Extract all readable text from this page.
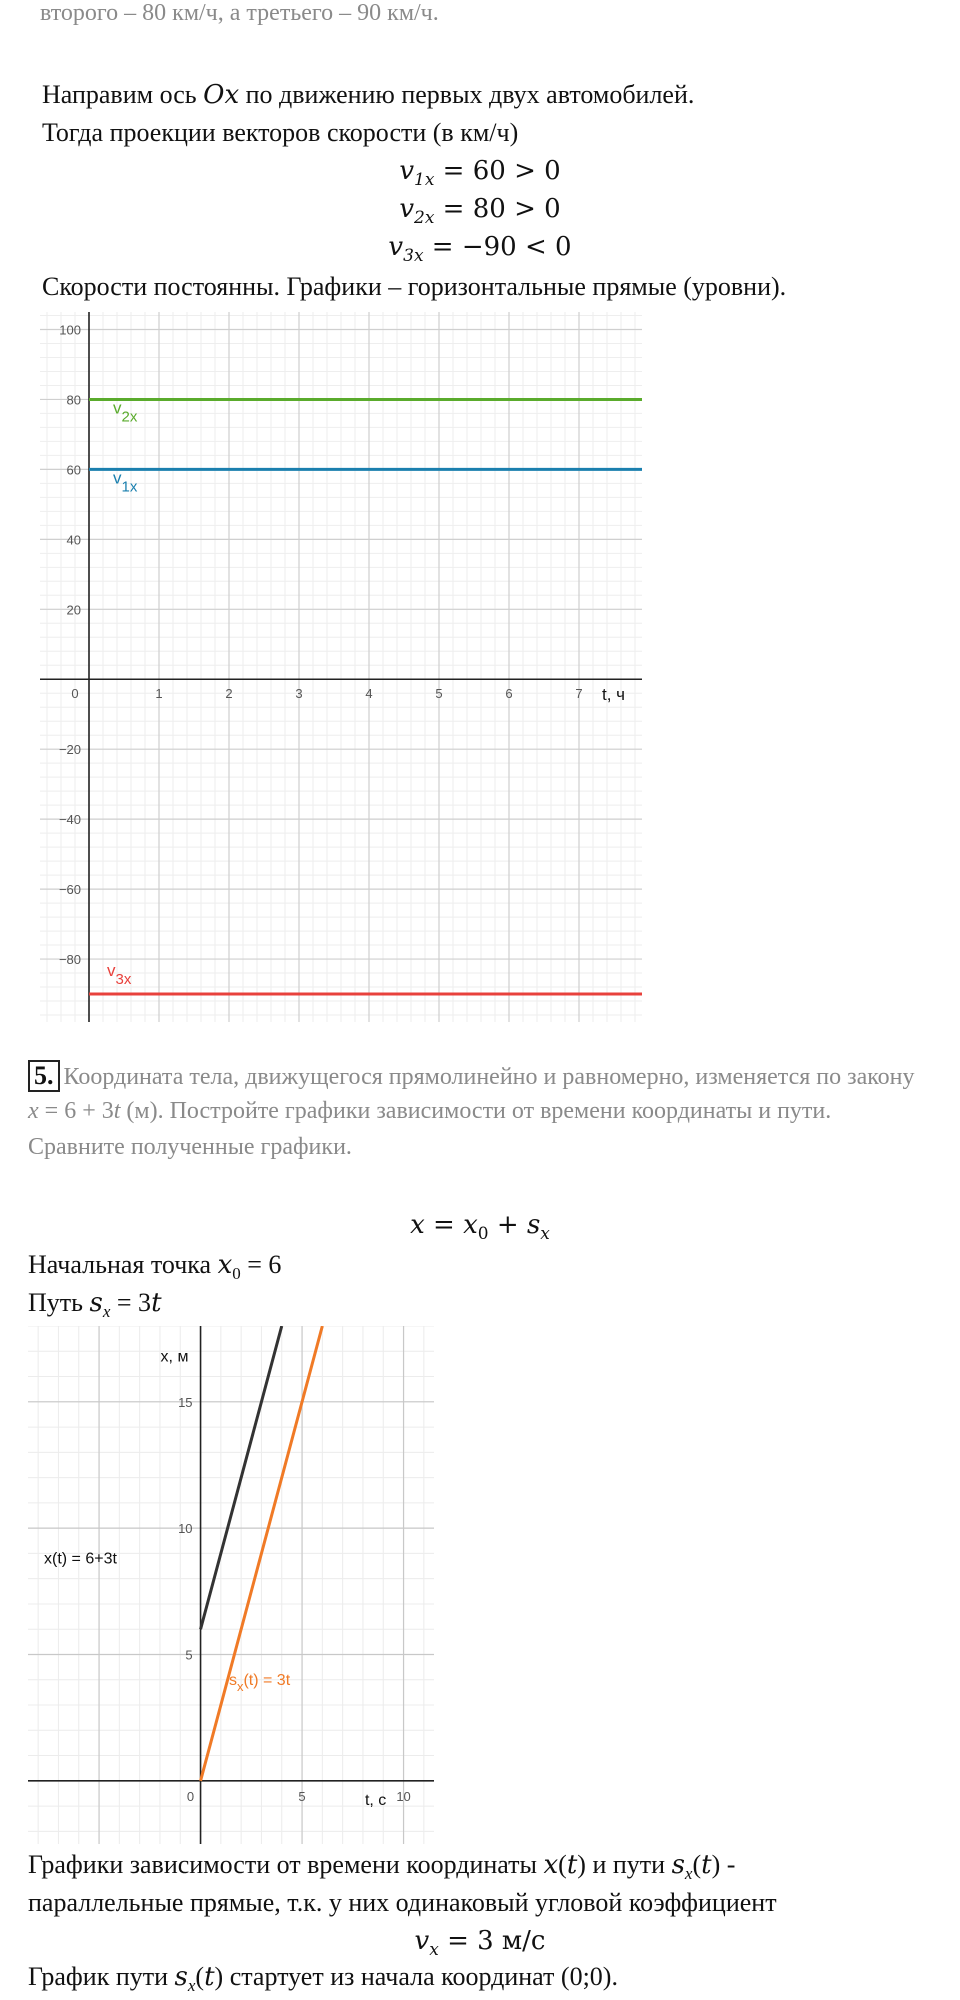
второго – 80 км/ч, а третьего – 90 км/ч.
Направим ось Ox по движению первых двух автомобилей.
Тогда проекции векторов скорости (в км/ч)
$v_{1x} = 60 > 0$
$v_{2x} = 80 > 0$
$v_{3x} = -90 < 0$
Скорости постоянны. Графики – горизонтальные прямые (уровни).
0	1	2	3	4	5	6	7
100
80
60
40
20
−20
−40
−60
−80
t, ч
v1x
v2x
v3x
5. Координата тела, движущегося прямолинейно и равномерно, изменяется по закону
x = 6 + 3t (м). Постройте графики зависимости от времени координаты и пути.
Сравните полученные графики.
$x = x_0 + s_x$
Начальная точка $x_0 = 6$
Путь $s_x = 3t$
0	5	10
5
10
15
x, м
t, с
x(t) = 6+3t
$s_x(t) = 3t$
Графики зависимости от времени координаты x(t) и пути $s_x(t)$ -
параллельные прямые, т.к. у них одинаковый угловой коэффициент
$v_x = 3$ м/с
График пути $s_x(t)$ стартует из начала координат (0;0).
